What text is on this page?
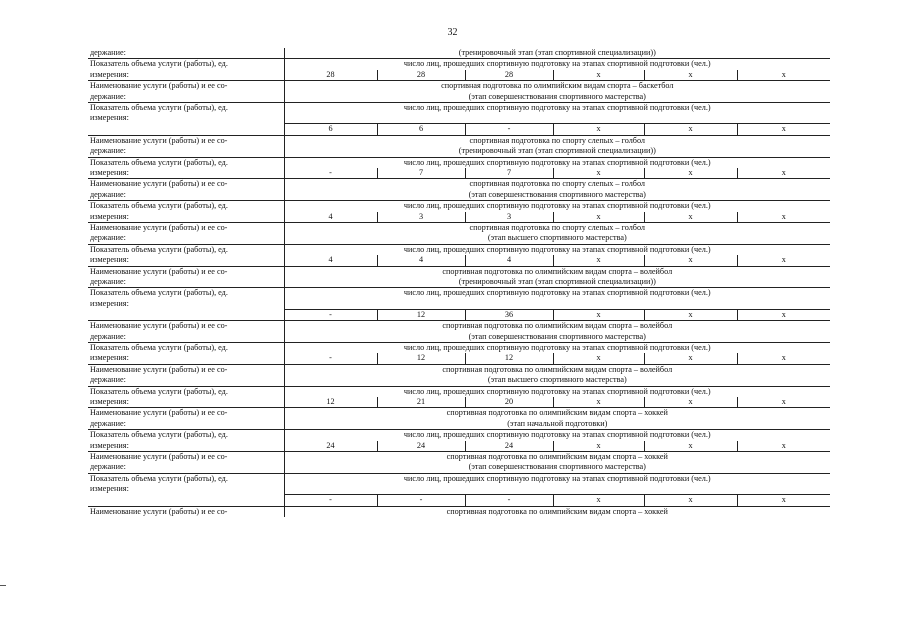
32
держание:	(тренировочный этап (этап спортивной специализации))					
Показатель объема услуги (работы), ед.	число лиц, прошедших спортивную подготовку на этапах спортивной подготовки (чел.)					
измерения:	28	28	28	х	х	х
Наименование услуги (работы) и ее со-	спортивная подготовка по олимпийским видам спорта – баскетбол					
держание:	(этап совершенствования спортивного мастерства)					
Показатель объема услуги (работы), ед.	число лиц, прошедших спортивную подготовку на этапах спортивной подготовки (чел.)					
измерения:						
	6	6	-	х	х	х
Наименование услуги (работы) и ее со-	спортивная подготовка по спорту слепых – голбол					
держание:	(тренировочный этап (этап спортивной специализации))					
Показатель объема услуги (работы), ед.	число лиц, прошедших спортивную подготовку на этапах спортивной подготовки (чел.)					
измерения:	-	7	7	х	х	х
Наименование услуги (работы) и ее со-	спортивная подготовка по спорту слепых – голбол					
держание:	(этап совершенствования спортивного мастерства)					
Показатель объема услуги (работы), ед.	число лиц, прошедших спортивную подготовку на этапах спортивной подготовки (чел.)					
измерения:	4	3	3	х	х	х
Наименование услуги (работы) и ее со-	спортивная подготовка по спорту слепых – голбол					
держание:	(этап высшего спортивного мастерства)					
Показатель объема услуги (работы), ед.	число лиц, прошедших спортивную подготовку на этапах спортивной подготовки (чел.)					
измерения:	4	4	4	х	х	х
Наименование услуги (работы) и ее со-	спортивная подготовка по олимпийским видам спорта – волейбол					
держание:	(тренировочный этап (этап спортивной специализации))					
Показатель объема услуги (работы), ед.	число лиц, прошедших спортивную подготовку на этапах спортивной подготовки (чел.)					
измерения:						
	-	12	36	х	х	х
Наименование услуги (работы) и ее со-	спортивная подготовка по олимпийским видам спорта – волейбол					
держание:	(этап совершенствования спортивного мастерства)					
Показатель объема услуги (работы), ед.	число лиц, прошедших спортивную подготовку на этапах спортивной подготовки (чел.)					
измерения:	-	12	12	х	х	х
Наименование услуги (работы) и ее со-	спортивная подготовка по олимпийским видам спорта – волейбол					
держание:	(этап высшего спортивного мастерства)					
Показатель объема услуги (работы), ед.	число лиц, прошедших спортивную подготовку на этапах спортивной подготовки (чел.)					
измерения:	12	21	20	х	х	х
Наименование услуги (работы) и ее со-	спортивная подготовка по олимпийским видам спорта – хоккей					
держание:	(этап начальной подготовки)					
Показатель объема услуги (работы), ед.	число лиц, прошедших спортивную подготовку на этапах спортивной подготовки (чел.)					
измерения:	24	24	24	х	х	х
Наименование услуги (работы) и ее со-	спортивная подготовка по олимпийским видам спорта – хоккей					
держание:	(этап совершенствования спортивного мастерства)					
Показатель объема услуги (работы), ед.	число лиц, прошедших спортивную подготовку на этапах спортивной подготовки (чел.)					
измерения:						
	-	-	-	х	х	х
Наименование услуги (работы) и ее со-	спортивная подготовка по олимпийским видам спорта – хоккей					
